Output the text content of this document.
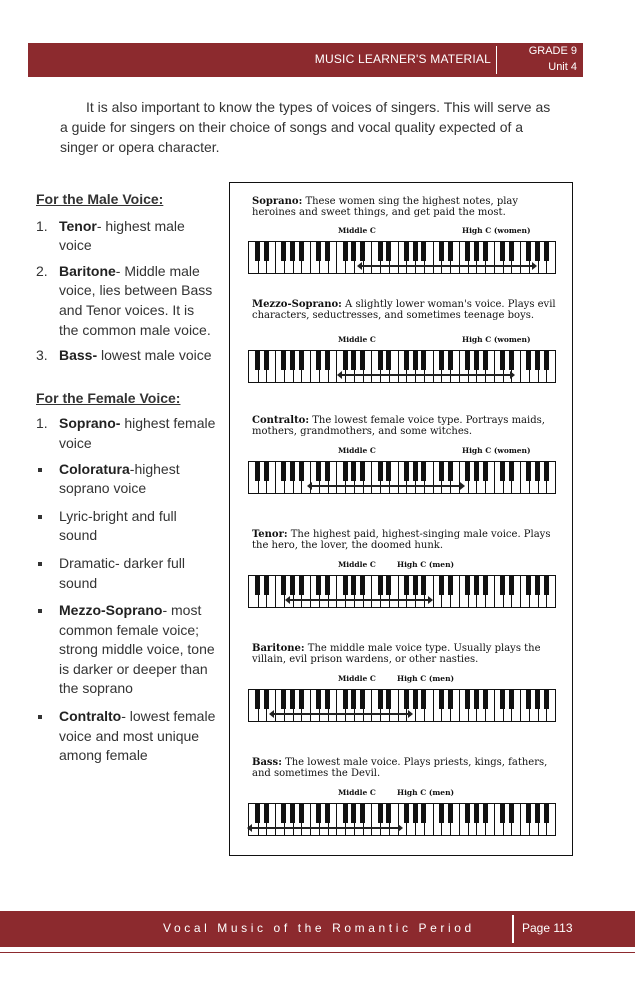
MUSIC LEARNER'S MATERIAL
GRADE 9
Unit 4

It is also important to know the types of voices of singers. This will serve as a guide for singers on their choice of songs and vocal quality expected of a singer or opera character.

For the Male Voice:

1. Tenor- highest male voice
2. Baritone- Middle male voice, lies between Bass and Tenor voices. It is the common male voice.
3. Bass- lowest male voice

For the Female Voice:

1. Soprano- highest female voice
Coloratura-highest soprano voice
Lyric-bright and full sound
Dramatic- darker full sound
Mezzo-Soprano- most common female voice; strong middle voice, tone is darker or deeper than the soprano
Contralto- lowest female voice and most unique among female
Soprano: These women sing the highest notes, play heroines and sweet things, and get paid the most.
Middle C	High C (women)
Mezzo-Soprano: A slightly lower woman's voice. Plays evil characters, seductresses, and sometimes teenage boys.
Middle C	High C (women)
Contralto: The lowest female voice type. Portrays maids, mothers, grandmothers, and some witches.
Middle C	High C (women)
Tenor: The highest paid, highest-singing male voice. Plays the hero, the lover, the doomed hunk.
Middle C	High C (men)
Baritone: The middle male voice type. Usually plays the villain, evil prison wardens, or other nasties.
Middle C	High C (men)
Bass: The lowest male voice. Plays priests, kings, fathers, and sometimes the Devil.
Middle C	High C (men)
Vocal Music of the Romantic Period	Page 113
